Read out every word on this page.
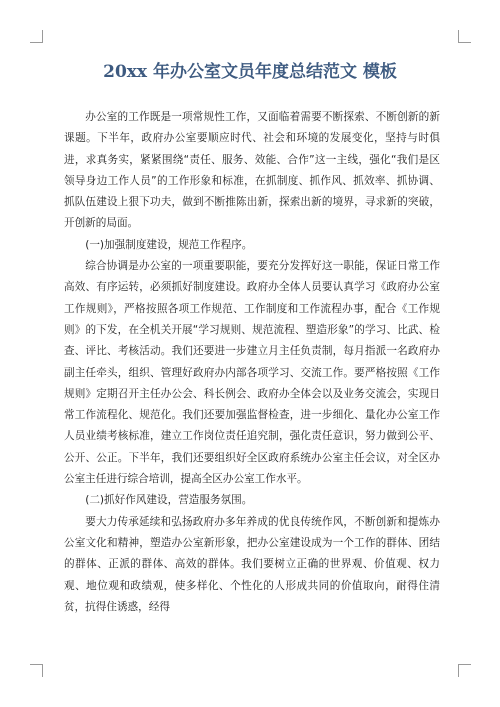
20xx 年办公室文员年度总结范文 模板

办公室的工作既是一项常规性工作，又面临着需要不断探索、不断创新的新课题。下半年，政府办公室要顺应时代、社会和环境的发展变化，坚持与时俱进，求真务实，紧紧围绕“责任、服务、效能、合作”这一主线，强化“我们是区领导身边工作人员”的工作形象和标准，在抓制度、抓作风、抓效率、抓协调、抓队伍建设上狠下功夫，做到不断推陈出新，探索出新的境界，寻求新的突破，开创新的局面。

(一)加强制度建设，规范工作程序。

综合协调是办公室的一项重要职能，要充分发挥好这一职能，保证日常工作高效、有序运转，必须抓好制度建设。政府办全体人员要认真学习《政府办公室工作规则》，严格按照各项工作规范、工作制度和工作流程办事，配合《工作规则》的下发，在全机关开展“学习规则、规范流程、塑造形象”的学习、比武、检查、评比、考核活动。我们还要进一步建立月主任负责制，每月指派一名政府办副主任牵头，组织、管理好政府办内部各项学习、交流工作。要严格按照《工作规则》定期召开主任办公会、科长例会、政府办全体会以及业务交流会，实现日常工作流程化、规范化。我们还要加强监督检查，进一步细化、量化办公室工作人员业绩考核标准，建立工作岗位责任追究制，强化责任意识，努力做到公平、公开、公正。下半年，我们还要组织好全区政府系统办公室主任会议，对全区办公室主任进行综合培训，提高全区办公室工作水平。

(二)抓好作风建设，营造服务氛围。

要大力传承延续和弘扬政府办多年养成的优良传统作风，不断创新和提炼办公室文化和精神，塑造办公室新形象，把办公室建设成为一个工作的群体、团结的群体、正派的群体、高效的群体。我们要树立正确的世界观、价值观、权力观、地位观和政绩观，使多样化、个性化的人形成共同的价值取向，耐得住清贫，抗得住诱惑，经得
